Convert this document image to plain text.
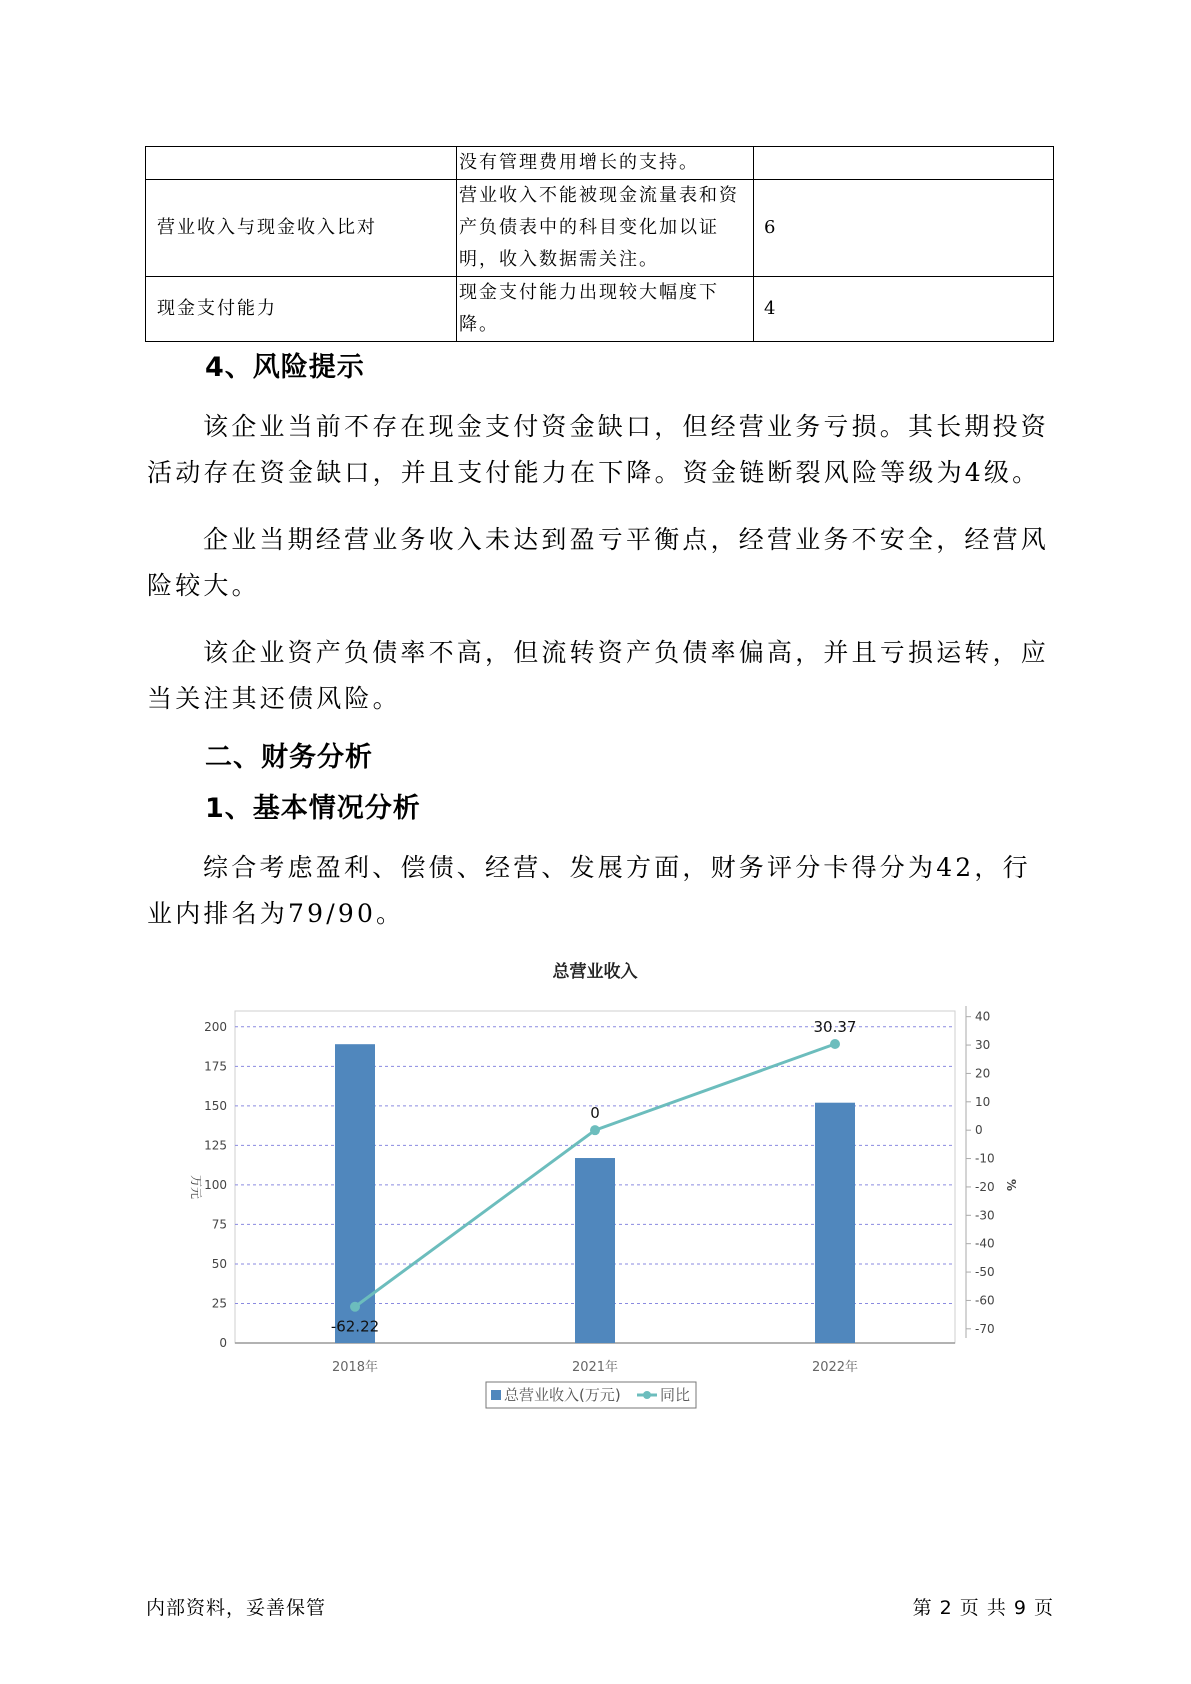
	没有管理费用增长的支持。	
营业收入与现金收入比对	营业收入不能被现金流量表和资产负债表中的科目变化加以证明，收入数据需关注。	6
现金支付能力	现金支付能力出现较大幅度下降。	4
4、风险提示

该企业当前不存在现金支付资金缺口，但经营业务亏损。其长期投资活动存在资金缺口，并且支付能力在下降。资金链断裂风险等级为4级。

企业当期经营业务收入未达到盈亏平衡点，经营业务不安全，经营风险较大。

该企业资产负债率不高，但流转资产负债率偏高，并且亏损运转，应当关注其还债风险。

二、财务分析
1、基本情况分析

综合考虑盈利、偿债、经营、发展方面，财务评分卡得分为42，行业内排名为79/90。

总营业收入
0
25
50
75
100
125
150
175
200
40
30
20
10
0
-10
-20
-30
-40
-50
-60
-70
万元	%
2018年	2021年	2022年
-62.22
0
30.37
总营业收入(万元)	同比
内部资料，妥善保管	第 2 页 共 9 页
